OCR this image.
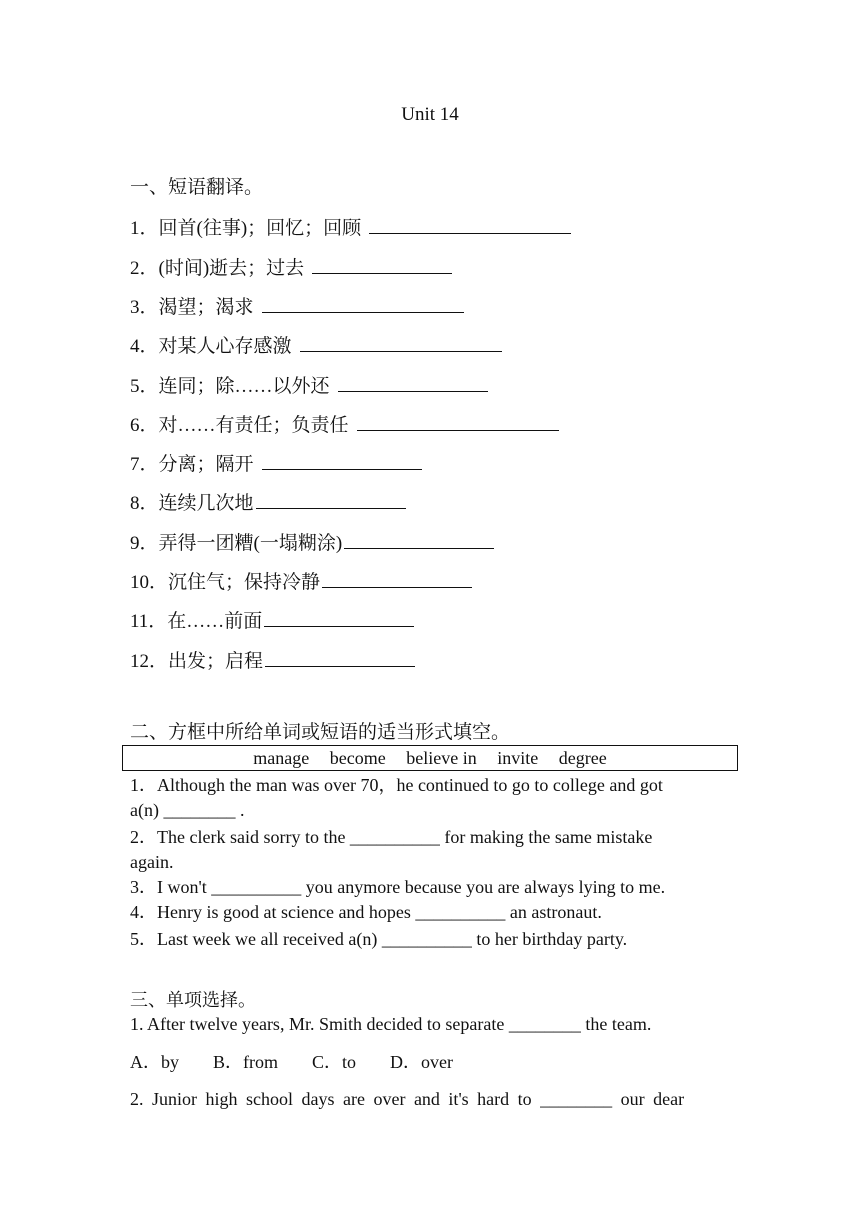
Unit 14
一、短语翻译。
1．回首(往事)；回忆；回顾
2．(时间)逝去；过去
3．渴望；渴求
4．对某人心存感激
5．连同；除……以外还
6．对……有责任；负责任
7．分离；隔开
8．连续几次地
9．弄得一团糟(一塌糊涂)
10．沉住气；保持冷静
11．在……前面
12．出发；启程
二、方框中所给单词或短语的适当形式填空。
manage become believe in invite degree
1．Although the man was over 70，he continued to go to college and got
a(n) ________ .
2．The clerk said sorry to the __________ for making the same mistake
again.
3．I won't __________ you anymore because you are always lying to me.
4．Henry is good at science and hopes __________ an astronaut.
5．Last week we all received a(n) __________ to her birthday party.
三、单项选择。
1. After twelve years, Mr. Smith decided to separate ________ the team.
A．by B．from C．to D．over
2. Junior high school days are over and it's hard to ________ our dear
